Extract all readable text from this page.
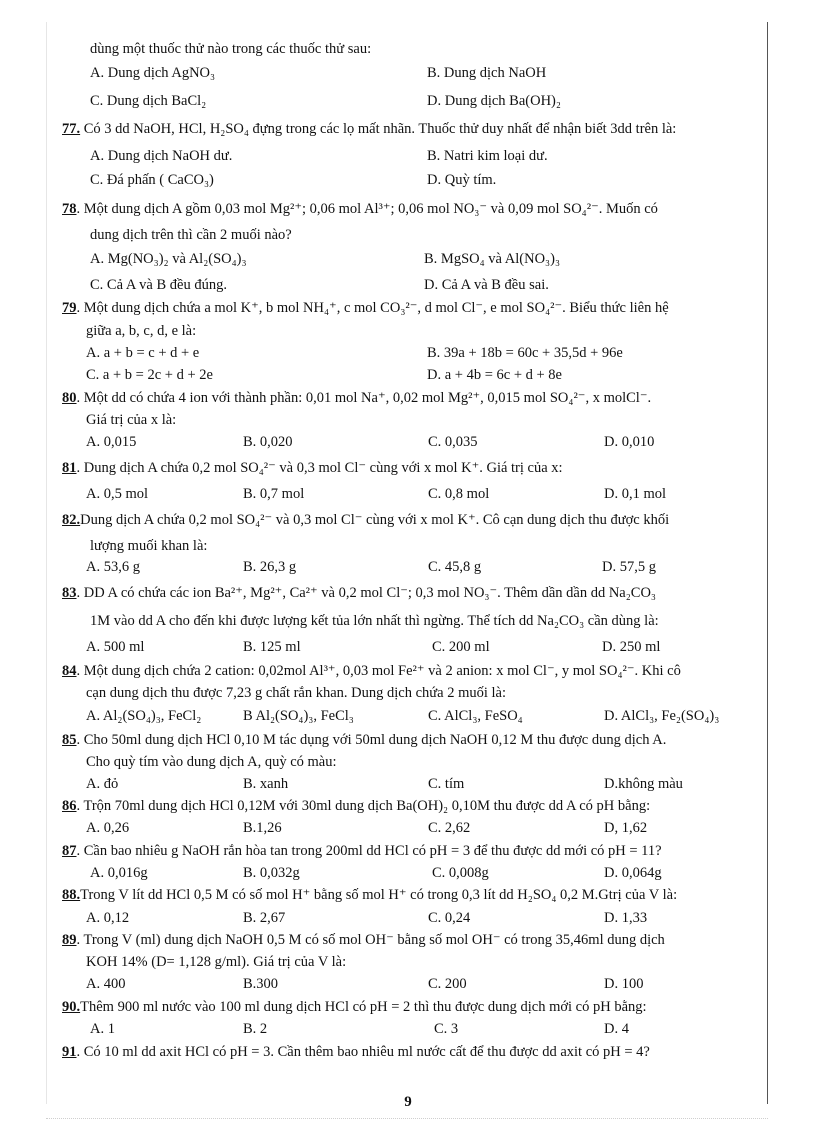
dùng một thuốc thử nào trong các thuốc thử sau:
A. Dung dịch AgNO₃	B. Dung dịch NaOH
C. Dung dịch BaCl₂	D. Dung dịch Ba(OH)₂
77. Có 3 dd NaOH, HCl, H₂SO₄ đựng trong các lọ mất nhãn. Thuốc thử duy nhất để nhận biết 3dd trên là:
A. Dung dịch NaOH dư.	B. Natri kim loại dư.
C. Đá phấn ( CaCO₃)	D. Quỳ tím.
78. Một dung dịch A gồm 0,03 mol Mg²⁺; 0,06 mol Al³⁺; 0,06 mol NO₃⁻ và 0,09 mol SO₄²⁻. Muốn có
dung dịch trên thì cần 2 muối nào?
A. Mg(NO₃)₂ và Al₂(SO₄)₃	B. MgSO₄ và Al(NO₃)₃
C. Cả A và B đều đúng.	D. Cả A và B đều sai.
79. Một dung dịch chứa a mol K⁺, b mol NH₄⁺, c mol CO₃²⁻, d mol Cl⁻, e mol SO₄²⁻. Biểu thức liên hệ
giữa a, b, c, d, e là:
A. a + b = c + d + e	B. 39a + 18b = 60c + 35,5d + 96e
C. a + b = 2c + d + 2e	D. a + 4b = 6c + d + 8e
80. Một dd có chứa 4 ion với thành phần: 0,01 mol Na⁺, 0,02 mol Mg²⁺, 0,015 mol SO₄²⁻, x molCl⁻.
Giá trị của x là:
A. 0,015	B. 0,020	C. 0,035	D. 0,010
81. Dung dịch A chứa 0,2 mol SO₄²⁻ và 0,3 mol Cl⁻ cùng với x mol K⁺. Giá trị của x:
A. 0,5 mol	B. 0,7 mol	C. 0,8 mol	D. 0,1 mol
82.Dung dịch A chứa 0,2 mol SO₄²⁻ và 0,3 mol Cl⁻ cùng với x mol K⁺. Cô cạn dung dịch thu được khối
lượng muối khan là:
A. 53,6 g	B. 26,3 g	C. 45,8 g	D. 57,5 g
83. DD A có chứa các ion Ba²⁺, Mg²⁺, Ca²⁺ và 0,2 mol Cl⁻; 0,3 mol NO₃⁻. Thêm dần dần dd Na₂CO₃
1M vào dd A cho đến khi được lượng kết tủa lớn nhất thì ngừng. Thể tích dd Na₂CO₃ cần dùng là:
A. 500 ml	B. 125 ml	C. 200 ml	D. 250 ml
84. Một dung dịch chứa 2 cation: 0,02mol Al³⁺, 0,03 mol Fe²⁺ và 2 anion: x mol Cl⁻, y mol SO₄²⁻. Khi cô
cạn dung dịch thu được 7,23 g chất rắn khan. Dung dịch chứa 2 muối là:
A. Al₂(SO₄)₃, FeCl₂	B Al₂(SO₄)₃, FeCl₃	C. AlCl₃, FeSO₄	D. AlCl₃, Fe₂(SO₄)₃
85. Cho 50ml dung dịch HCl 0,10 M tác dụng với 50ml dung dịch NaOH 0,12 M thu được dung dịch A.
Cho quỳ tím vào dung dịch A, quỳ có màu:
A. đỏ	B. xanh	C. tím	D.không màu
86. Trộn 70ml dung dịch HCl 0,12M với 30ml dung dịch Ba(OH)₂ 0,10M thu được dd A có pH bằng:
A. 0,26	B.1,26	C. 2,62	D, 1,62
87. Cần bao nhiêu g NaOH rắn hòa tan trong 200ml dd HCl có pH = 3 để thu được dd mới có pH = 11?
A. 0,016g	B. 0,032g	C. 0,008g	D. 0,064g
88.Trong V lít dd HCl 0,5 M có số mol H⁺ bằng số mol H⁺ có trong 0,3 lít dd H₂SO₄ 0,2 M.Gtrị của V là:
A. 0,12	B. 2,67	C. 0,24	D. 1,33
89. Trong V (ml) dung dịch NaOH 0,5 M có số mol OH⁻ bằng số mol OH⁻ có trong 35,46ml dung dịch
KOH 14% (D= 1,128 g/ml). Giá trị của V là:
A. 400	B.300	C. 200	D. 100
90.Thêm 900 ml nước vào 100 ml dung dịch HCl có pH = 2 thì thu được dung dịch mới có pH bằng:
A. 1	B. 2	C. 3	D. 4
91. Có 10 ml dd axit HCl có pH = 3. Cần thêm bao nhiêu ml nước cất để thu được dd axit có pH = 4?
9
